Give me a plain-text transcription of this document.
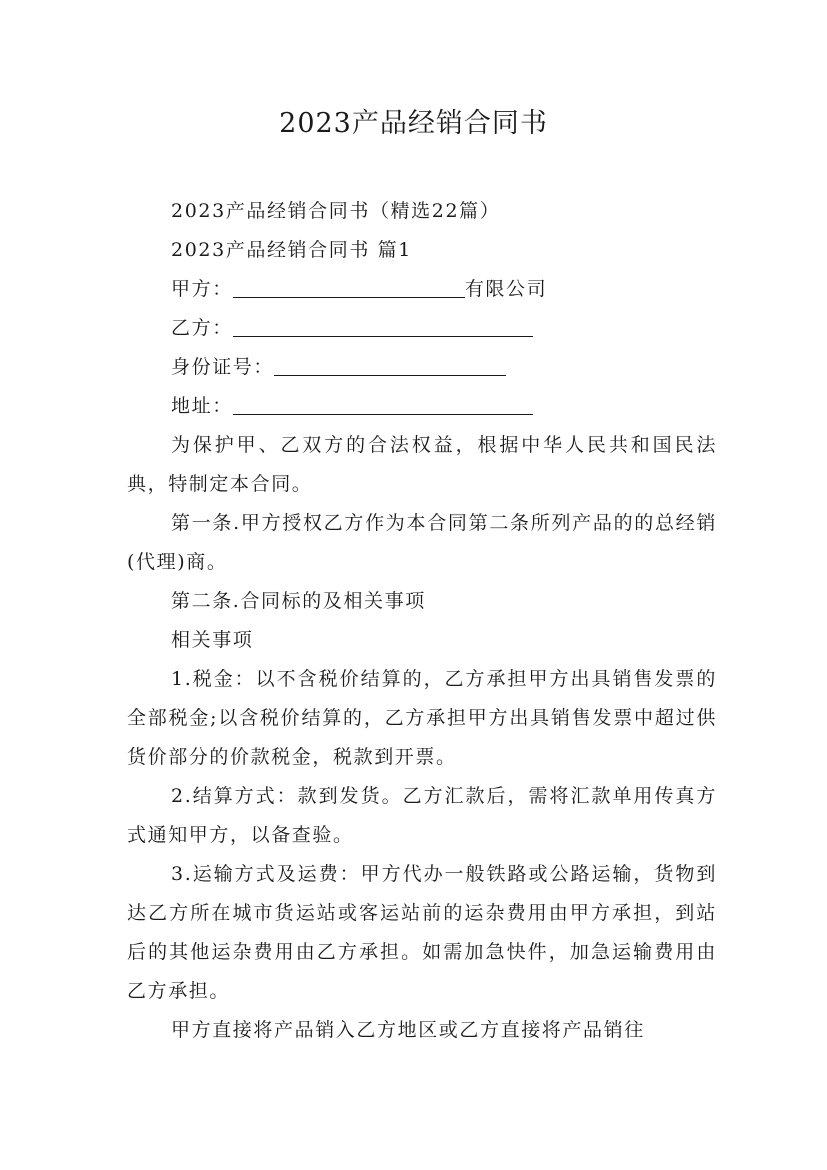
2023产品经销合同书

2023产品经销合同书（精选22篇）

2023产品经销合同书 篇1

甲方：	有限公司

乙方：

身份证号：

地址：

为保护甲、乙双方的合法权益，根据中华人民共和国民法典，特制定本合同。

第一条.甲方授权乙方作为本合同第二条所列产品的的总经销(代理)商。

第二条.合同标的及相关事项

相关事项

1.税金：以不含税价结算的，乙方承担甲方出具销售发票的全部税金;以含税价结算的，乙方承担甲方出具销售发票中超过供货价部分的价款税金，税款到开票。

2.结算方式：款到发货。乙方汇款后，需将汇款单用传真方式通知甲方，以备查验。

3.运输方式及运费：甲方代办一般铁路或公路运输，货物到达乙方所在城市货运站或客运站前的运杂费用由甲方承担，到站后的其他运杂费用由乙方承担。如需加急快件，加急运输费用由乙方承担。

甲方直接将产品销入乙方地区或乙方直接将产品销往
